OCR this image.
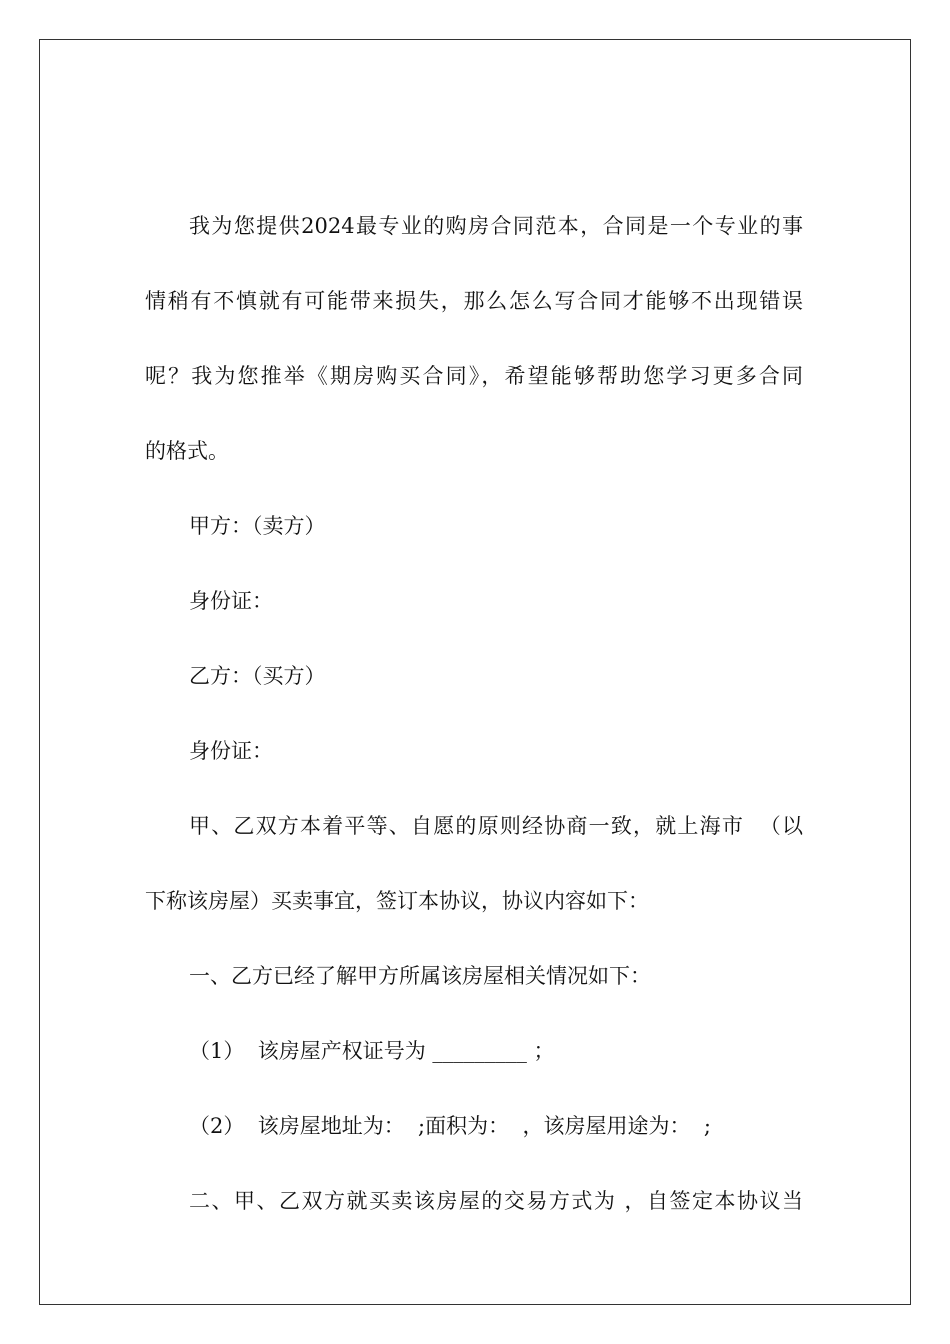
我为您提供2024最专业的购房合同范本，合同是一个专业的事
情稍有不慎就有可能带来损失，那么怎么写合同才能够不出现错误
呢？我为您推举《期房购买合同》，希望能够帮助您学习更多合同
的格式。
甲方：（卖方）
身份证：
乙方：（买方）
身份证：
甲、乙双方本着平等、自愿的原则经协商一致，就上海市  （以
下称该房屋）买卖事宜，签订本协议，协议内容如下：
一、乙方已经了解甲方所属该房屋相关情况如下：
（1）  该房屋产权证号为 _________ ；
（2）  该房屋地址为：  ;面积为：  ，该房屋用途为：  ;
二、甲、乙双方就买卖该房屋的交易方式为 ，自签定本协议当
